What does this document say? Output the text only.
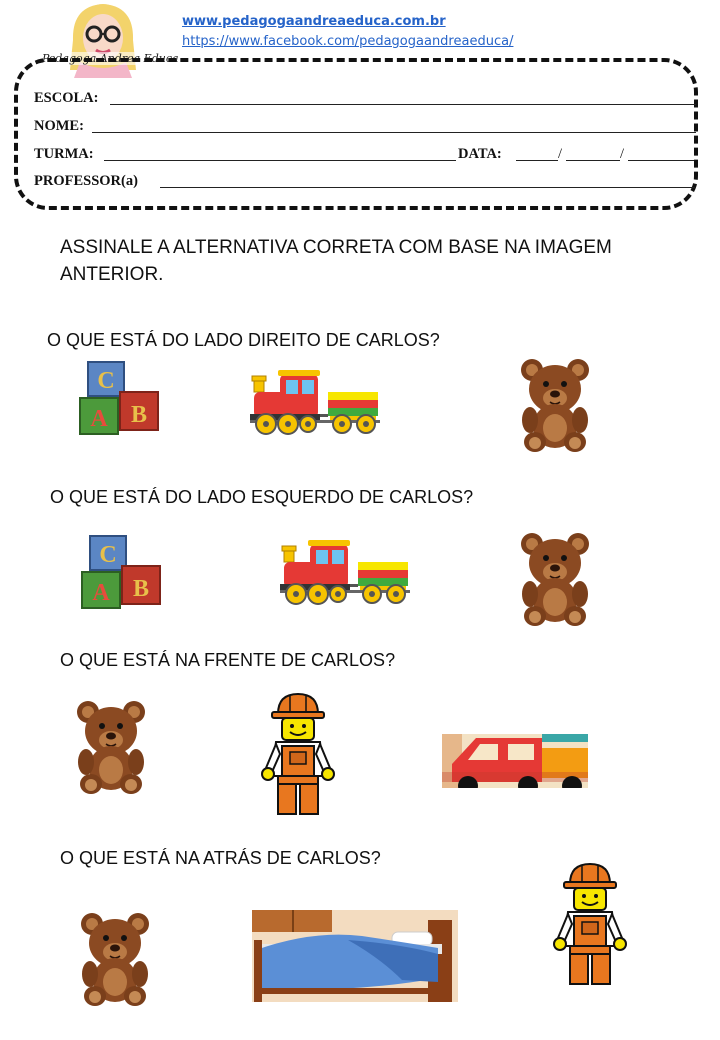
Pedagoga Andrea Educa
www.pedagogaandreaeduca.com.br
https://www.facebook.com/pedagogaandreaeduca/
ESCOLA:
NOME:
TURMA:	DATA:	/	/
PROFESSOR(a)
ASSINALE A ALTERNATIVA CORRETA COM BASE NA IMAGEM ANTERIOR.
O QUE ESTÁ DO LADO DIREITO DE CARLOS?
C
A B
O QUE ESTÁ DO LADO ESQUERDO DE CARLOS?
C
A B
O QUE ESTÁ NA FRENTE DE CARLOS?
O QUE ESTÁ NA ATRÁS DE CARLOS?
